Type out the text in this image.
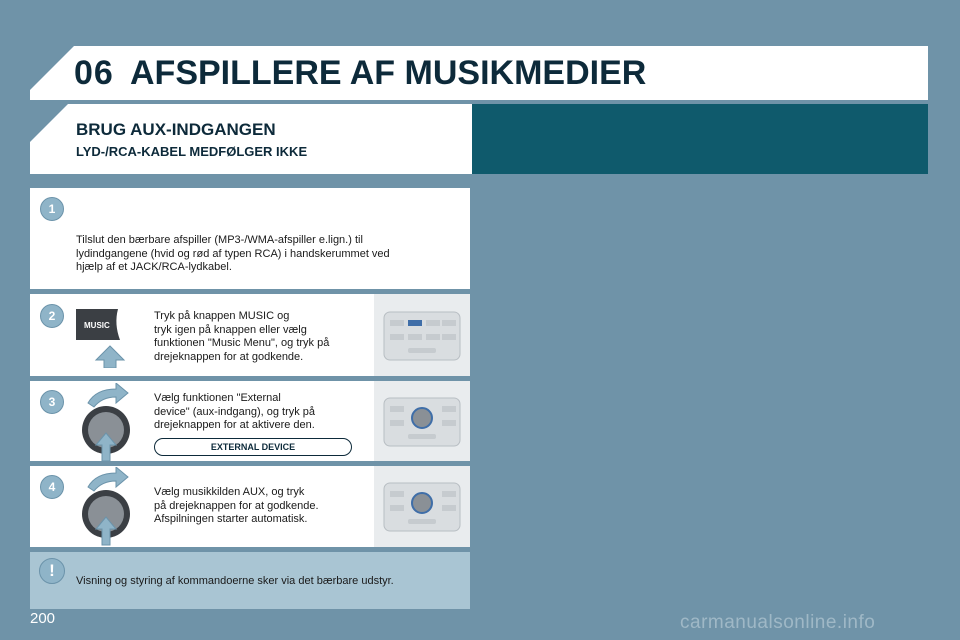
06 AFSPILLERE AF MUSIKMEDIER
BRUG AUX-INDGANGEN
LYD-/RCA-KABEL MEDFØLGER IKKE
1
Tilslut den bærbare afspiller (MP3-/WMA-afspiller e.lign.) til
lydindgangene (hvid og rød af typen RCA) i handskerummet ved
hjælp af et JACK/RCA-lydkabel.
2
MUSIC
Tryk på knappen MUSIC og
tryk igen på knappen eller vælg
funktionen "Music Menu", og tryk på
drejeknappen for at godkende.
3	Vælg funktionen "External
device" (aux-indgang), og tryk på
drejeknappen for at aktivere den.
EXTERNAL DEVICE
4	Vælg musikkilden AUX, og tryk
på drejeknappen for at godkende.
Afspilningen starter automatisk.
!
Visning og styring af kommandoerne sker via det bærbare udstyr.
200	carmanualsonline.info
